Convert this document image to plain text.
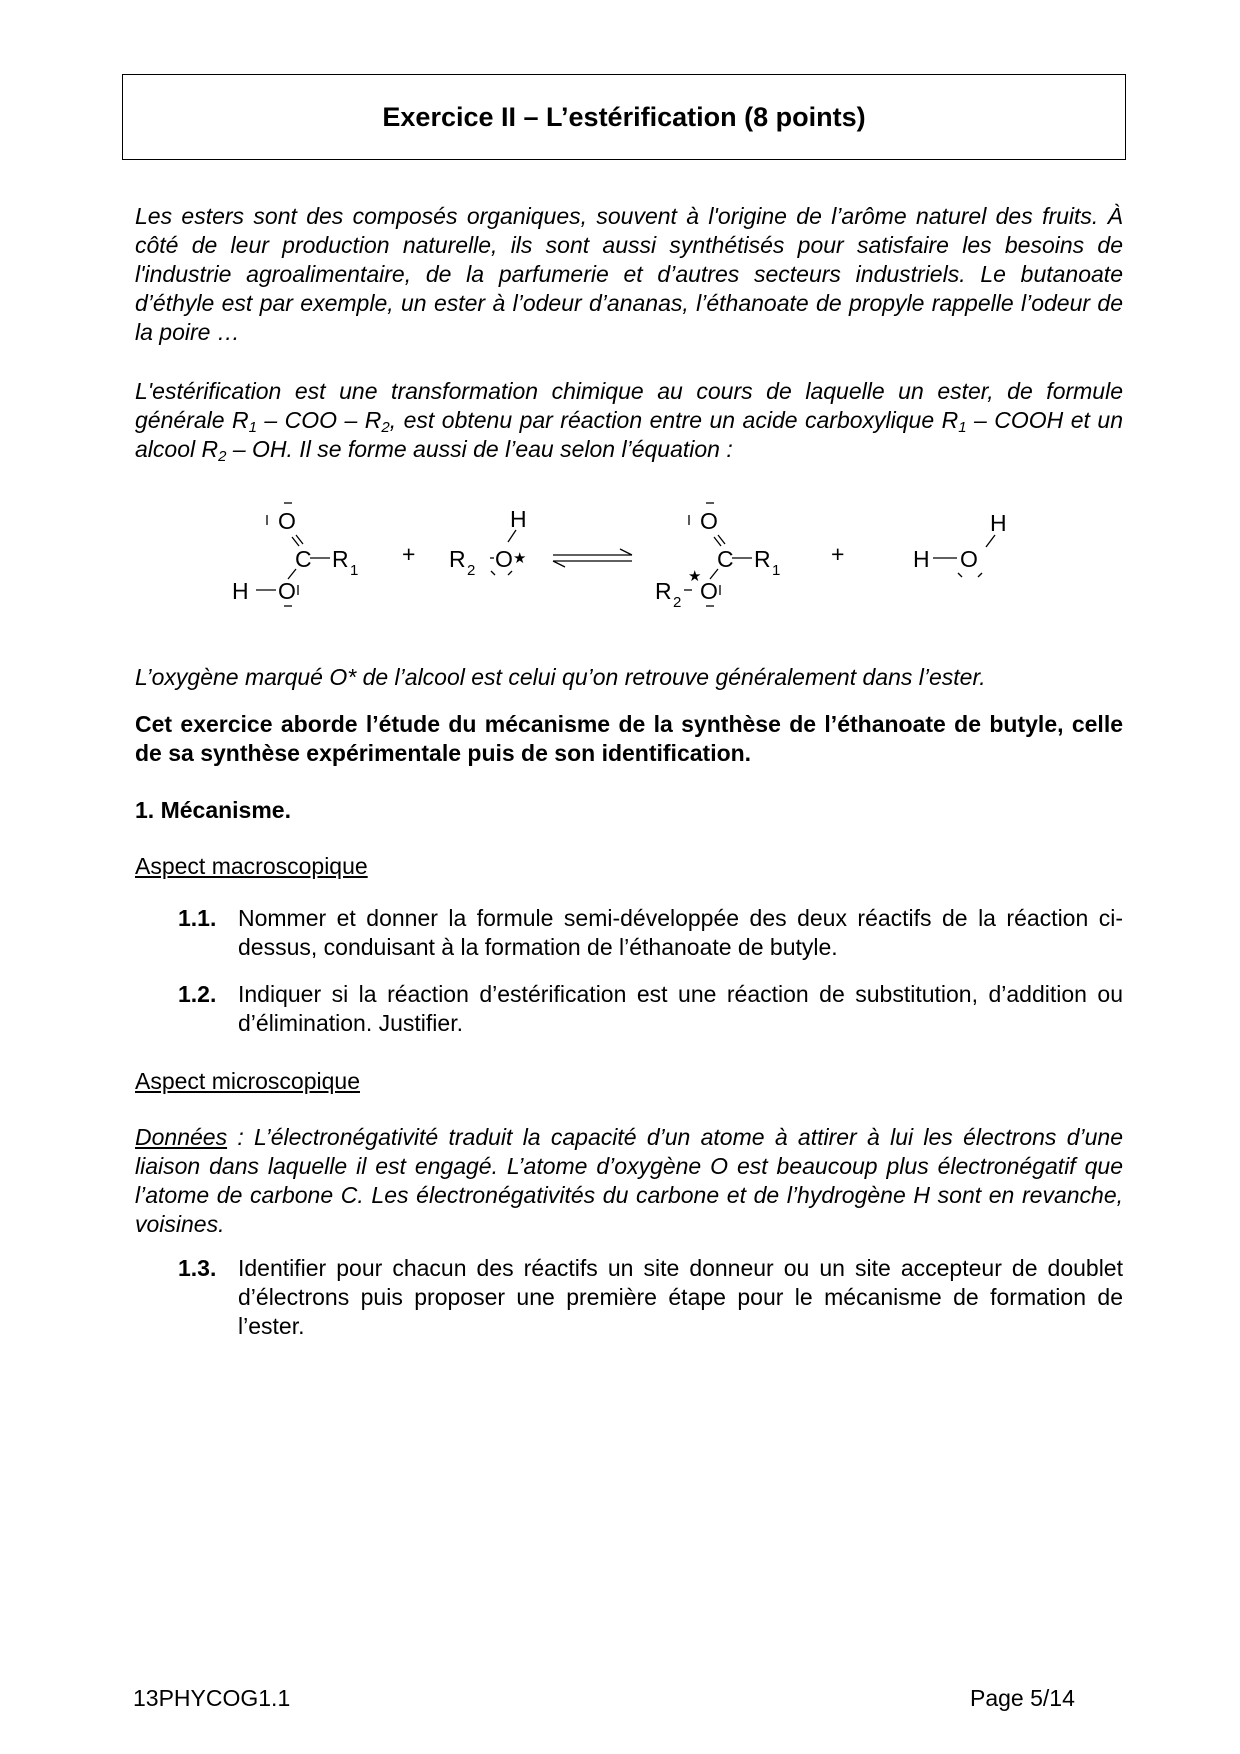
Exercice II – L’estérification (8 points)

Les esters sont des composés organiques, souvent à l'origine de l’arôme naturel des fruits. À côté de leur production naturelle, ils sont aussi synthétisés pour satisfaire les besoins de l'industrie agroalimentaire, de la parfumerie et d’autres secteurs industriels. Le butanoate d’éthyle est par exemple, un ester à l’odeur d’ananas, l’éthanoate de propyle rappelle l’odeur de la poire …

L'estérification est une transformation chimique au cours de laquelle un ester, de formule générale $R_1$ – COO – $R_2$, est obtenu par réaction entre un acide carboxylique $R_1$ – COOH et un alcool $R_2$ – OH. Il se forme aussi de l’eau selon l’équation :

O
C R 1
H O
+
H
R 2 O ★
O
C R 1
★
R 2 O
+	H O
H

L’oxygène marqué O* de l’alcool est celui qu’on retrouve généralement dans l’ester.

Cet exercice aborde l’étude du mécanisme de la synthèse de l’éthanoate de butyle, celle de sa synthèse expérimentale puis de son identification.

1. Mécanisme.

Aspect macroscopique

1.1. Nommer et donner la formule semi-développée des deux réactifs de la réaction ci-dessus, conduisant à la formation de l’éthanoate de butyle.
1.2. Indiquer si la réaction d’estérification est une réaction de substitution, d’addition ou d’élimination. Justifier.

Aspect microscopique

Données : L’électronégativité traduit la capacité d’un atome à attirer à lui les électrons d’une liaison dans laquelle il est engagé. L’atome d’oxygène O est beaucoup plus électronégatif que l’atome de carbone C. Les électronégativités du carbone et de l’hydrogène H sont en revanche, voisines.

1.3. Identifier pour chacun des réactifs un site donneur ou un site accepteur de doublet d’électrons puis proposer une première étape pour le mécanisme de formation de l’ester.
13PHYCOG1.1	Page 5/14
